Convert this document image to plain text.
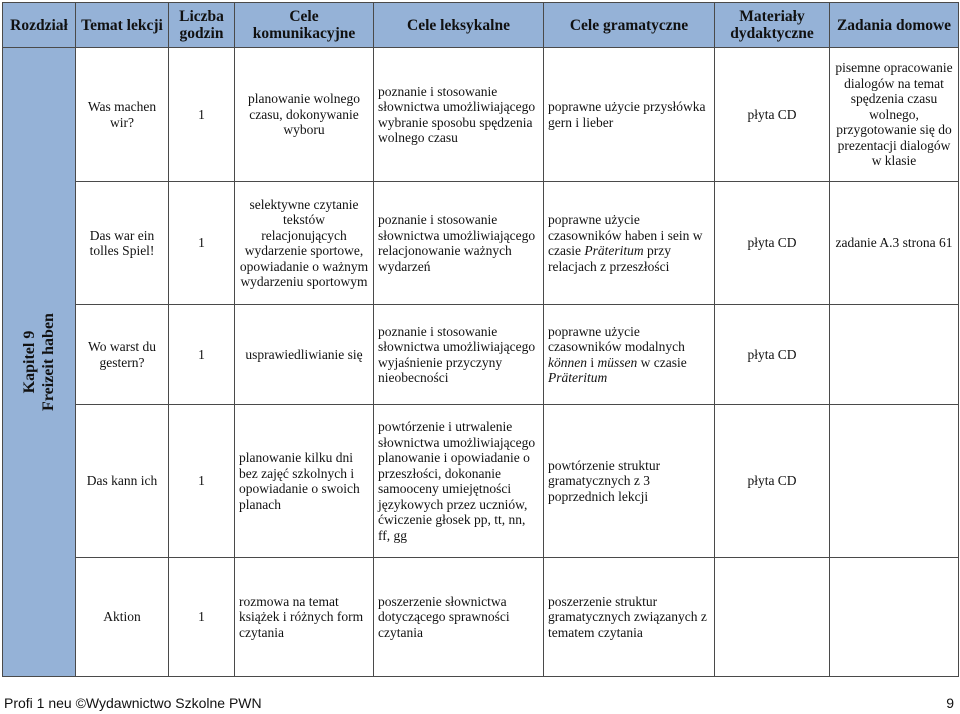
Rozdział	Temat lekcji	Liczba godzin	Cele komunikacyjne	Cele leksykalne	Cele gramatyczne	Materiały dydaktyczne	Zadania domowe

Kapitel 9 Freizeit haben	Was machen wir?	1	planowanie wolnego czasu, dokonywanie wyboru	poznanie i stosowanie słownictwa umożliwiającego wybranie sposobu spędzenia wolnego czasu	poprawne użycie przysłówka gern i lieber	płyta CD	pisemne opracowanie dialogów na temat spędzenia czasu wolnego, przygotowanie się do prezentacji dialogów w klasie
	Das war ein tolles Spiel!	1	selektywne czytanie tekstów relacjonujących wydarzenie sportowe, opowiadanie o ważnym wydarzeniu sportowym	poznanie i stosowanie słownictwa umożliwiającego relacjonowanie ważnych wydarzeń	poprawne użycie czasowników haben i sein w czasie Präteritum przy relacjach z przeszłości	płyta CD	zadanie A.3 strona 61
	Wo warst du gestern?	1	usprawiedliwianie się	poznanie i stosowanie słownictwa umożliwiającego wyjaśnienie przyczyny nieobecności	poprawne użycie czasowników modalnych können i müssen w czasie Präteritum	płyta CD	
	Das kann ich	1	planowanie kilku dni bez zajęć szkolnych i opowiadanie o swoich planach	powtórzenie i utrwalenie słownictwa umożliwiającego planowanie i opowiadanie o przeszłości, dokonanie samooceny umiejętności językowych przez uczniów, ćwiczenie głosek pp, tt, nn, ff, gg	powtórzenie struktur gramatycznych z 3 poprzednich lekcji	płyta CD	
	Aktion	1	rozmowa na temat książek i różnych form czytania	poszerzenie słownictwa dotyczącego sprawności czytania	poszerzenie struktur gramatycznych związanych z tematem czytania		
Profi 1 neu ©Wydawnictwo Szkolne PWN	9
